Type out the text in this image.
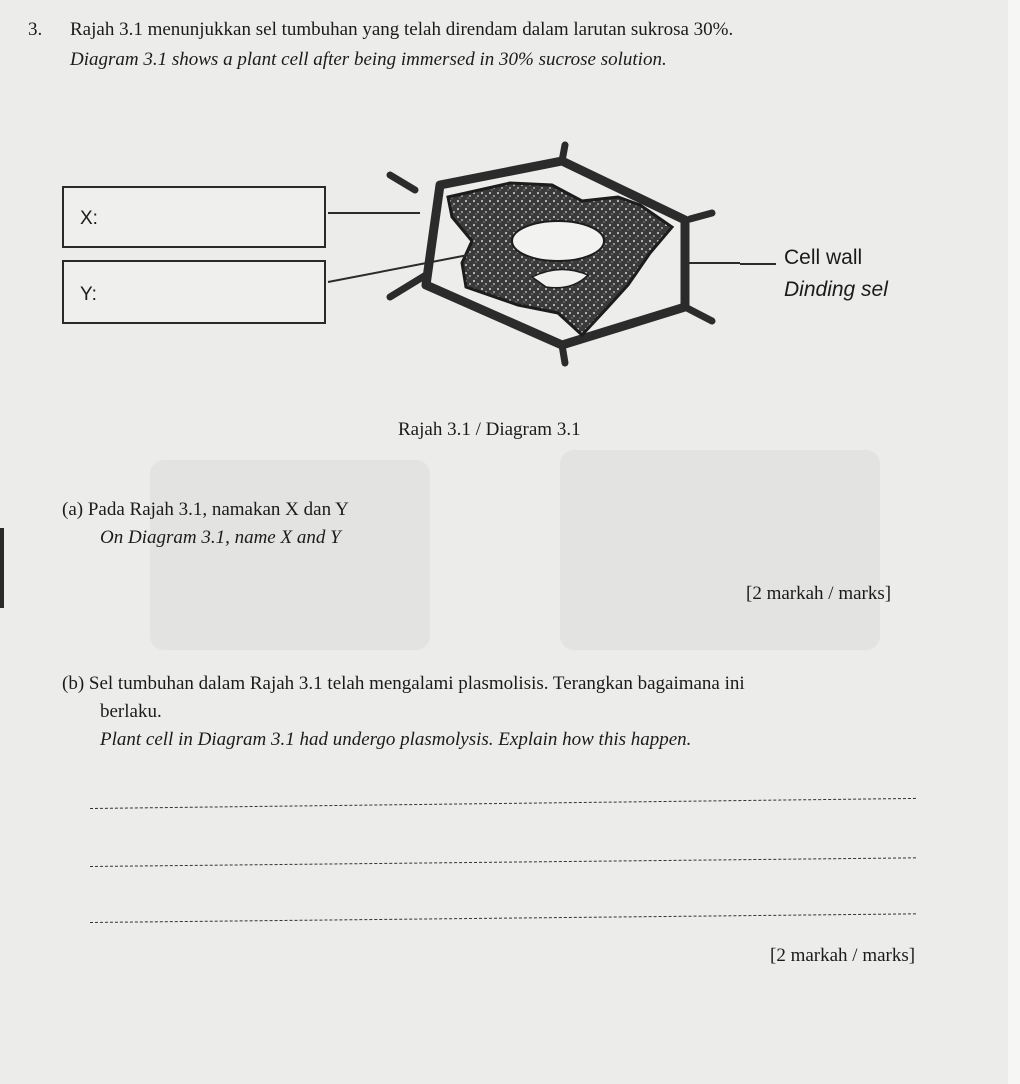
3. Rajah 3.1 menunjukkan sel tumbuhan yang telah direndam dalam larutan sukrosa 30%.
Diagram 3.1 shows a plant cell after being immersed in 30% sucrose solution.
X:
Y:
Cell wall
Dinding sel
Rajah 3.1 / Diagram 3.1
(a) Pada Rajah 3.1, namakan X dan Y
On Diagram 3.1, name X and Y
[2 markah / marks]
(b) Sel tumbuhan dalam Rajah 3.1 telah mengalami plasmolisis. Terangkan bagaimana ini
berlaku.
Plant cell in Diagram 3.1 had undergo plasmolysis. Explain how this happen.
[2 markah / marks]
